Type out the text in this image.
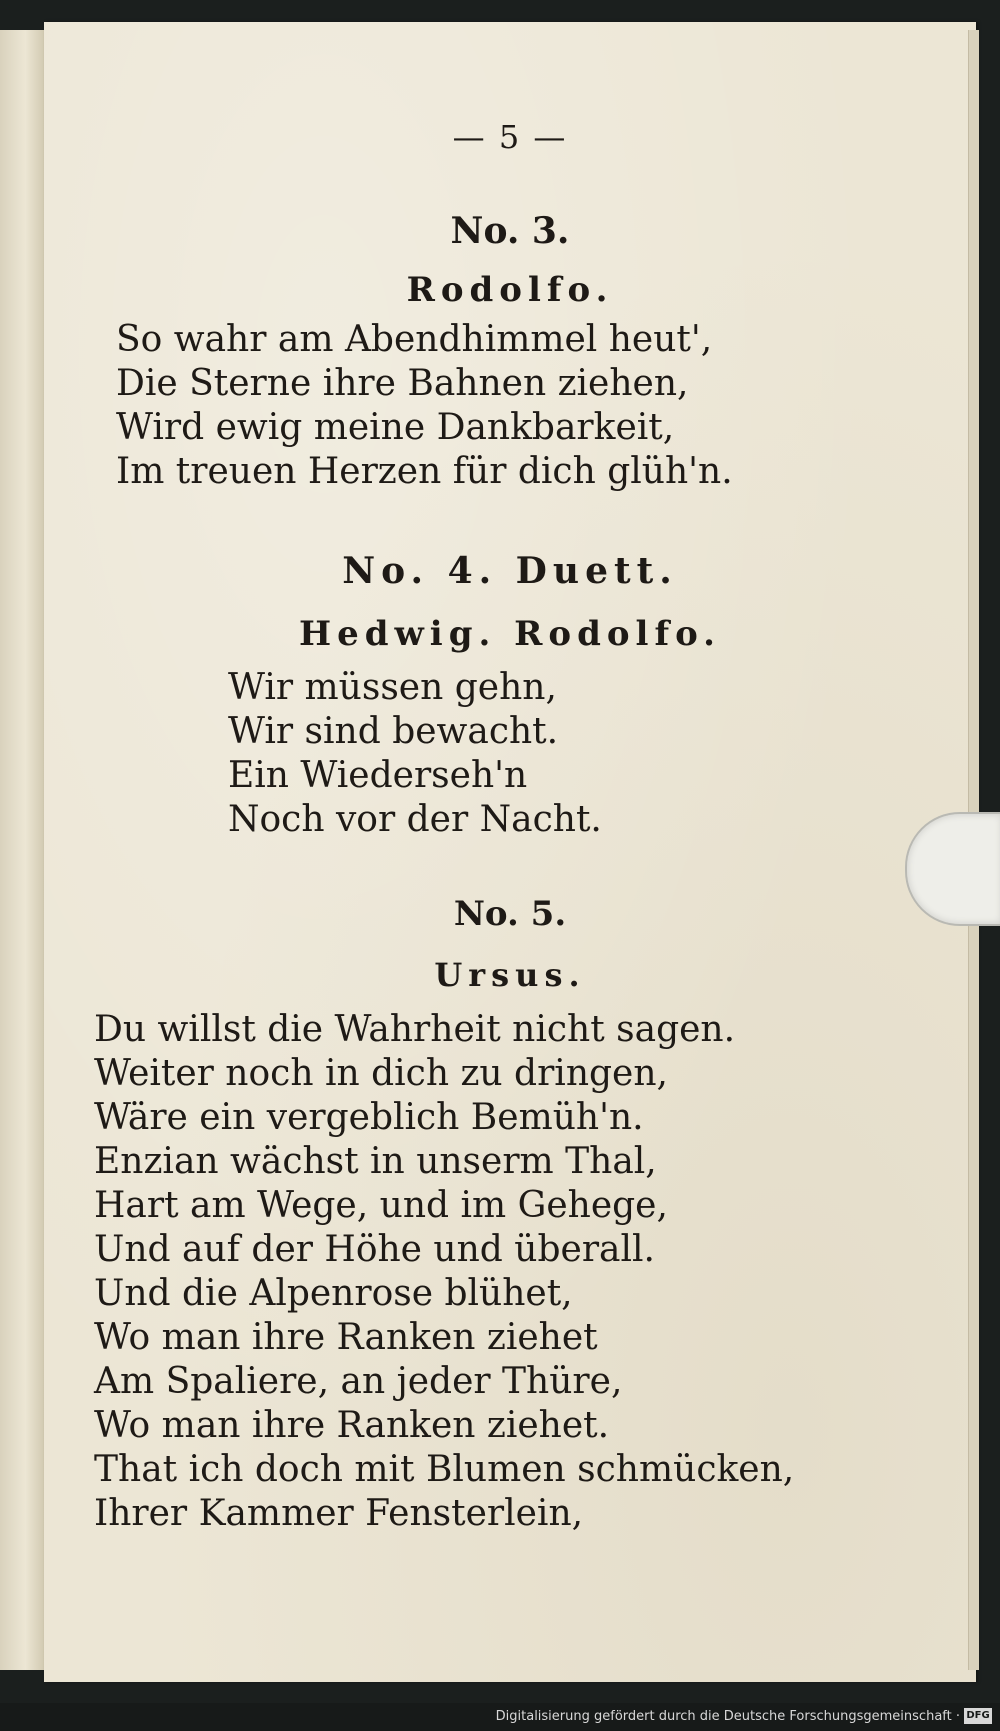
— 5 —
No. 3.
Rodolfo.
So wahr am Abendhimmel heut',
Die Sterne ihre Bahnen ziehen,
Wird ewig meine Dankbarkeit,
Im treuen Herzen für dich glüh'n.
No. 4. Duett.
Hedwig. Rodolfo.
Wir müssen gehn,
Wir sind bewacht.
Ein Wiederseh'n
Noch vor der Nacht.
No. 5.
Ursus.
Du willst die Wahrheit nicht sagen.
Weiter noch in dich zu dringen,
Wäre ein vergeblich Bemüh'n.
Enzian wächst in unserm Thal,
Hart am Wege, und im Gehege,
Und auf der Höhe und überall.
Und die Alpenrose blühet,
Wo man ihre Ranken ziehet
Am Spaliere, an jeder Thüre,
Wo man ihre Ranken ziehet.
That ich doch mit Blumen schmücken,
Ihrer Kammer Fensterlein,
Digitalisierung gefördert durch die Deutsche Forschungsgemeinschaft · DFG
